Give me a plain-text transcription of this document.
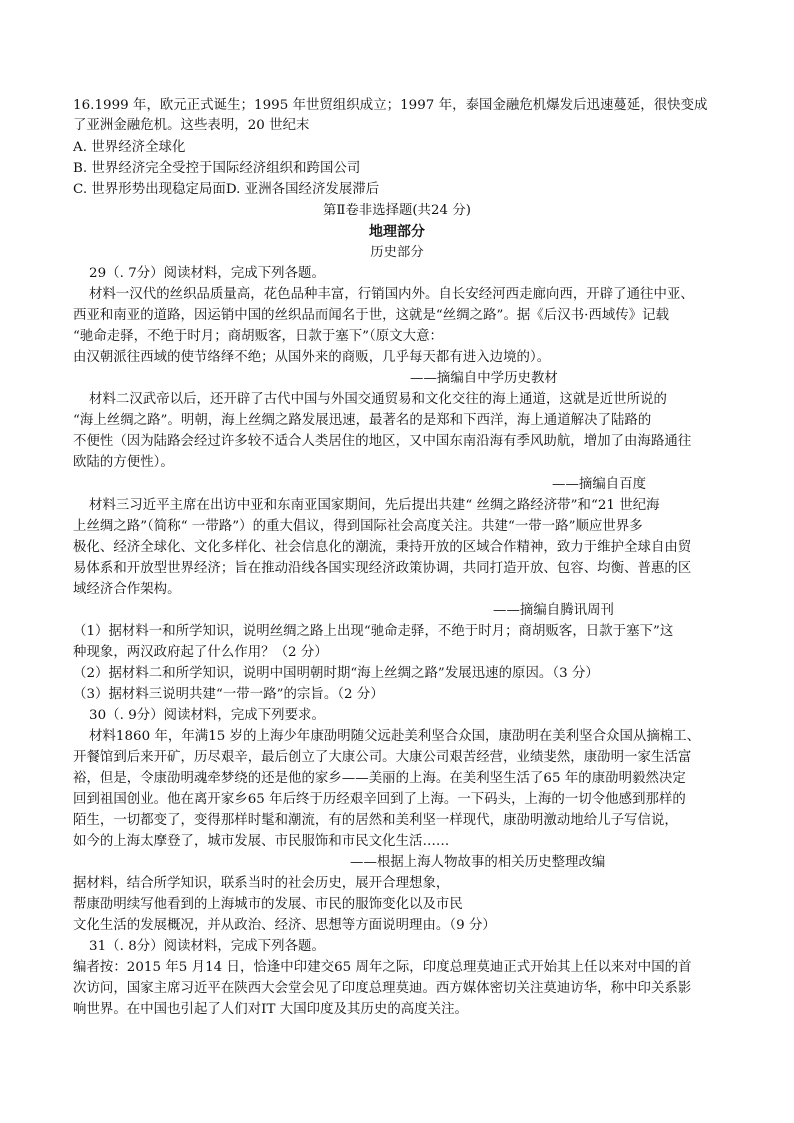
16.1999 年，欧元正式诞生；1995 年世贸组织成立；1997 年，泰国金融危机爆发后迅速蔓延，很快变成
了亚洲金融危机。这些表明，20 世纪末
A. 世界经济全球化
B. 世界经济完全受控于国际经济组织和跨国公司
C. 世界形势出现稳定局面D. 亚洲各国经济发展滞后
第Ⅱ卷非选择题(共24 分)
地理部分
历史部分
29（. 7分）阅读材料，完成下列各题。
材料一汉代的丝织品质量高，花色品种丰富，行销国内外。自长安经河西走廊向西，开辟了通往中亚、
西亚和南亚的道路，因运销中国的丝织品而闻名于世，这就是“丝绸之路”。据《后汉书·西域传》记载
“驰命走驿，不绝于时月；商胡贩客，日款于塞下”（原文大意：
由汉朝派往西域的使节络绎不绝；从国外来的商贩，几乎每天都有进入边境的）。
——摘编自中学历史教材
材料二汉武帝以后，还开辟了古代中国与外国交通贸易和文化交往的海上通道，这就是近世所说的
“海上丝绸之路”。明朝，海上丝绸之路发展迅速，最著名的是郑和下西洋，海上通道解决了陆路的
不便性（因为陆路会经过许多较不适合人类居住的地区，又中国东南沿海有季风助航，增加了由海路通往
欧陆的方便性）。
——摘编自百度
材料三习近平主席在出访中亚和东南亚国家期间，先后提出共建“ 丝绸之路经济带”和“21 世纪海
上丝绸之路”（简称“ 一带路”）的重大倡议，得到国际社会高度关注。共建“一带一路”顺应世界多
极化、经济全球化、文化多样化、社会信息化的潮流，秉持开放的区域合作精神，致力于维护全球自由贸
易体系和开放型世界经济；旨在推动沿线各国实现经济政策协调，共同打造开放、包容、均衡、普惠的区
域经济合作架构。
——摘编自腾讯周刊
（1）据材料一和所学知识，说明丝绸之路上出现“驰命走驿，不绝于时月；商胡贩客，日款于塞下”这
种现象，两汉政府起了什么作用？（2 分）
（2）据材料二和所学知识，说明中国明朝时期“海上丝绸之路”发展迅速的原因。（3 分）
（3）据材料三说明共建“一带一路”的宗旨。（2 分）
30（. 9分）阅读材料，完成下列要求。
材料1860 年，年满15 岁的上海少年康劭明随父远赴美利坚合众国，康劭明在美利坚合众国从摘棉工、
开餐馆到后来开矿，历尽艰辛，最后创立了大康公司。大康公司艰苦经营，业绩斐然，康劭明一家生活富
裕，但是，令康劭明魂牵梦绕的还是他的家乡——美丽的上海。在美利坚生活了65 年的康劭明毅然决定
回到祖国创业。他在离开家乡65 年后终于历经艰辛回到了上海。一下码头，上海的一切令他感到那样的
陌生，一切都变了，变得那样时髦和潮流，有的居然和美利坚一样现代，康劭明激动地给儿子写信说，
如今的上海太摩登了，城市发展、市民服饰和市民文化生活……
——根据上海人物故事的相关历史整理改编
据材料，结合所学知识，联系当时的社会历史，展开合理想象，
帮康劭明续写他看到的上海城市的发展、市民的服饰变化以及市民
文化生活的发展概况，并从政治、经济、思想等方面说明理由。（9 分）
31（. 8分）阅读材料，完成下列各题。
编者按：2015 年5 月14 日，恰逢中印建交65 周年之际，印度总理莫迪正式开始其上任以来对中国的首
次访问，国家主席习近平在陕西大会堂会见了印度总理莫迪。西方媒体密切关注莫迪访华，称中印关系影
响世界。在中国也引起了人们对IT 大国印度及其历史的高度关注。
